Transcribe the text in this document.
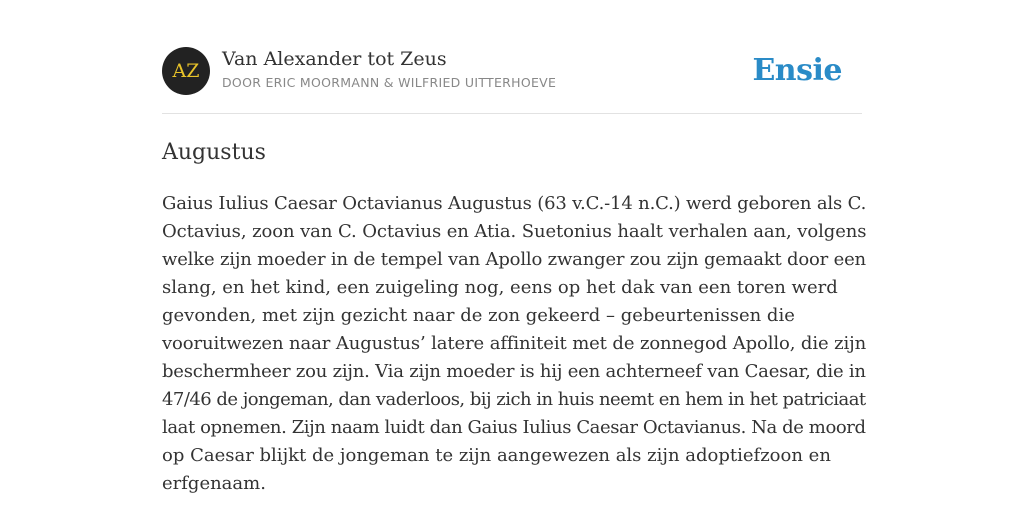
AZ
Van Alexander tot Zeus
DOOR ERIC MOORMANN & WILFRIED UITTERHOEVE	Ensie
Augustus

Gaius Iulius Caesar Octavianus Augustus (63 v.C.-14 n.C.) werd geboren als C.
Octavius, zoon van C. Octavius en Atia. Suetonius haalt verhalen aan, volgens
welke zijn moeder in de tempel van Apollo zwanger zou zijn gemaakt door een
slang, en het kind, een zuigeling nog, eens op het dak van een toren werd
gevonden, met zijn gezicht naar de zon gekeerd – gebeurtenissen die
vooruitwezen naar Augustus’ latere affiniteit met de zonnegod Apollo, die zijn
beschermheer zou zijn. Via zijn moeder is hij een achterneef van Caesar, die in
47/46 de jongeman, dan vaderloos, bij zich in huis neemt en hem in het patriciaat
laat opnemen. Zijn naam luidt dan Gaius Iulius Caesar Octavianus. Na de moord
op Caesar blijkt de jongeman te zijn aangewezen als zijn adoptiefzoon en
erfgenaam.
